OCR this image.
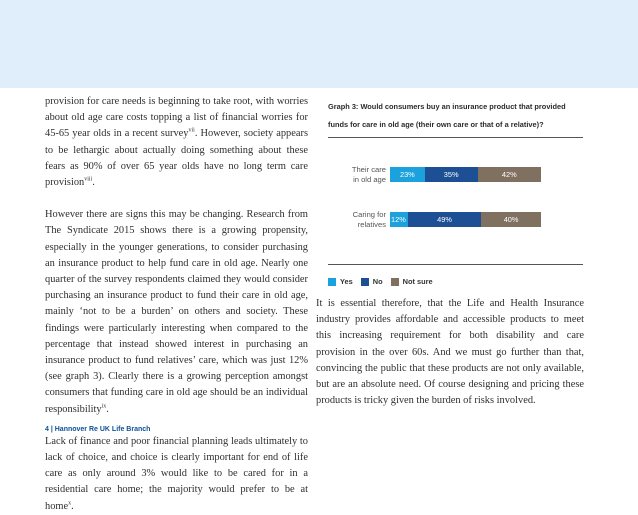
provision for care needs is beginning to take root, with worries about old age care costs topping a list of financial worries for 45-65 year olds in a recent survey$^{vii}$. However, society appears to be lethargic about actually doing something about these fears as 90% of over 65 year olds have no long term care provision$^{viii}$.

However there are signs this may be changing. Research from The Syndicate 2015 shows there is a growing propensity, especially in the younger generations, to consider purchasing an insurance product to help fund care in old age. Nearly one quarter of the survey respondents claimed they would consider purchasing an insurance product to fund their care in old age, mainly ‘not to be a burden’ on others and society. These findings were particularly interesting when compared to the percentage that instead showed interest in purchasing an insurance product to fund relatives’ care, which was just 12% (see graph 3). Clearly there is a growing perception amongst consumers that funding care in old age should be an individual responsibility$^{ix}$.

Lack of finance and poor financial planning leads ultimately to lack of choice, and choice is clearly important for end of life care as only around 3% would like to be cared for in a residential care home; the majority would prefer to be at home$^x$.

Graph 3: Would consumers buy an insurance product that provided funds for care in old age (their own care or that of a relative)?
Their care
in old age
Caring for
relatives
23%	35%	42%
12%	49%	40%
Yes	No	Not sure

It is essential therefore, that the Life and Health Insurance industry provides affordable and accessible products to meet this increasing requirement for both disability and care provision in the over 60s. And we must go further than that, convincing the public that these products are not only available, but are an absolute need. Of course designing and pricing these products is tricky given the burden of risks involved.

4 | Hannover Re UK Life Branch
